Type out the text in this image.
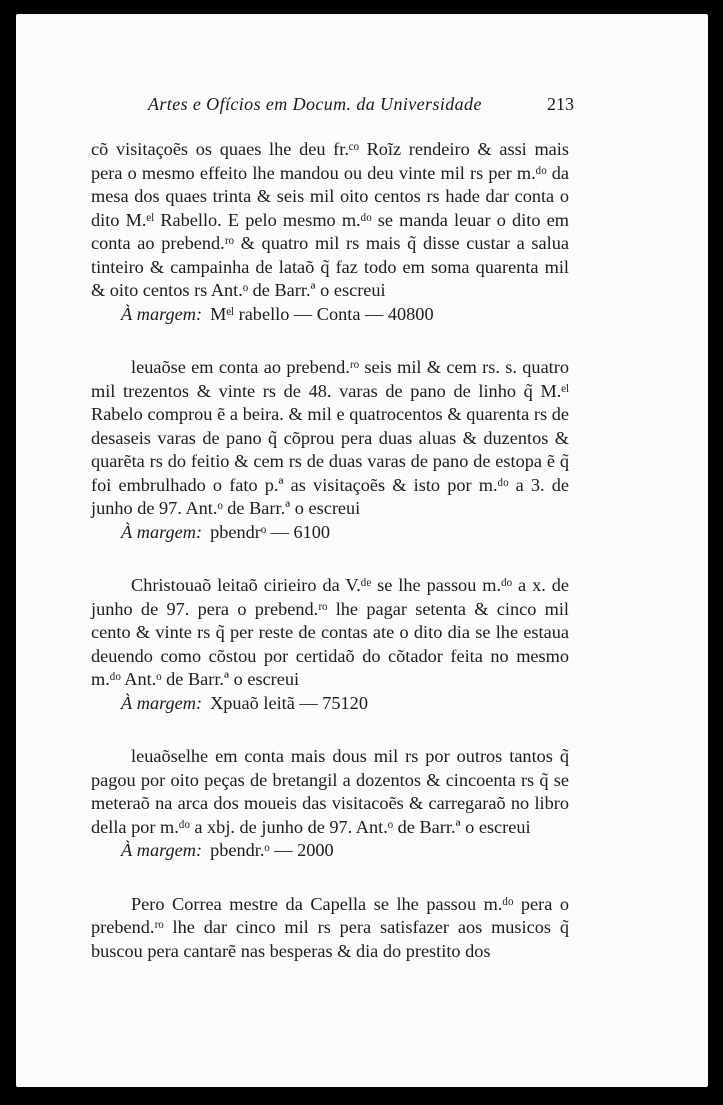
Artes e Ofícios em Docum. da Universidade	213

cõ visitaçoẽs os quaes lhe deu fr.ᶜᵒ Roĩz rendeiro & assi mais pera o mesmo effeito lhe mandou ou deu vinte mil rs per m.ᵈᵒ da mesa dos quaes trinta & seis mil oito centos rs hade dar conta o dito M.ᵉˡ Rabello. E pelo mesmo m.ᵈᵒ se manda leuar o dito em conta ao prebend.ʳᵒ & quatro mil rs mais q̃ disse custar a salua tinteiro & campainha de lataõ q̃ faz todo em soma quarenta mil & oito centos rs Ant.ᵒ de Barr.ª o escreui

À margem: Mᵉˡ rabello — Conta — 40800

leuaõse em conta ao prebend.ʳᵒ seis mil & cem rs. s. quatro mil trezentos & vinte rs de 48. varas de pano de linho q̃ M.ᵉˡ Rabelo comprou ẽ a beira. & mil e quatrocentos & quarenta rs de desaseis varas de pano q̃ cõprou pera duas aluas & duzentos & quarẽta rs do feitio & cem rs de duas varas de pano de estopa ẽ q̃ foi embrulhado o fato p.ª as visitaçoẽs & isto por m.ᵈᵒ a 3. de junho de 97. Ant.ᵒ de Barr.ª o escreui

À margem: pbendrᵒ — 6100

Christouaõ leitaõ cirieiro da V.ᵈᵉ se lhe passou m.ᵈᵒ a x. de junho de 97. pera o prebend.ʳᵒ lhe pagar setenta & cinco mil cento & vinte rs q̃ per reste de contas ate o dito dia se lhe estaua deuendo como cõstou por certidaõ do cõtador feita no mesmo m.ᵈᵒ Ant.ᵒ de Barr.ª o escreui

À margem: Xpuaõ leitã — 75120

leuaõselhe em conta mais dous mil rs por outros tantos q̃ pagou por oito peças de bretangil a dozentos & cincoenta rs q̃ se meteraõ na arca dos moueis das visitacoẽs & carregaraõ no libro della por m.ᵈᵒ a xbj. de junho de 97. Ant.ᵒ de Barr.ª o escreui

À margem: pbendr.ᵒ — 2000

Pero Correa mestre da Capella se lhe passou m.ᵈᵒ pera o prebend.ʳᵒ lhe dar cinco mil rs pera satisfazer aos musicos q̃ buscou pera cantarẽ nas besperas & dia do prestito dos
